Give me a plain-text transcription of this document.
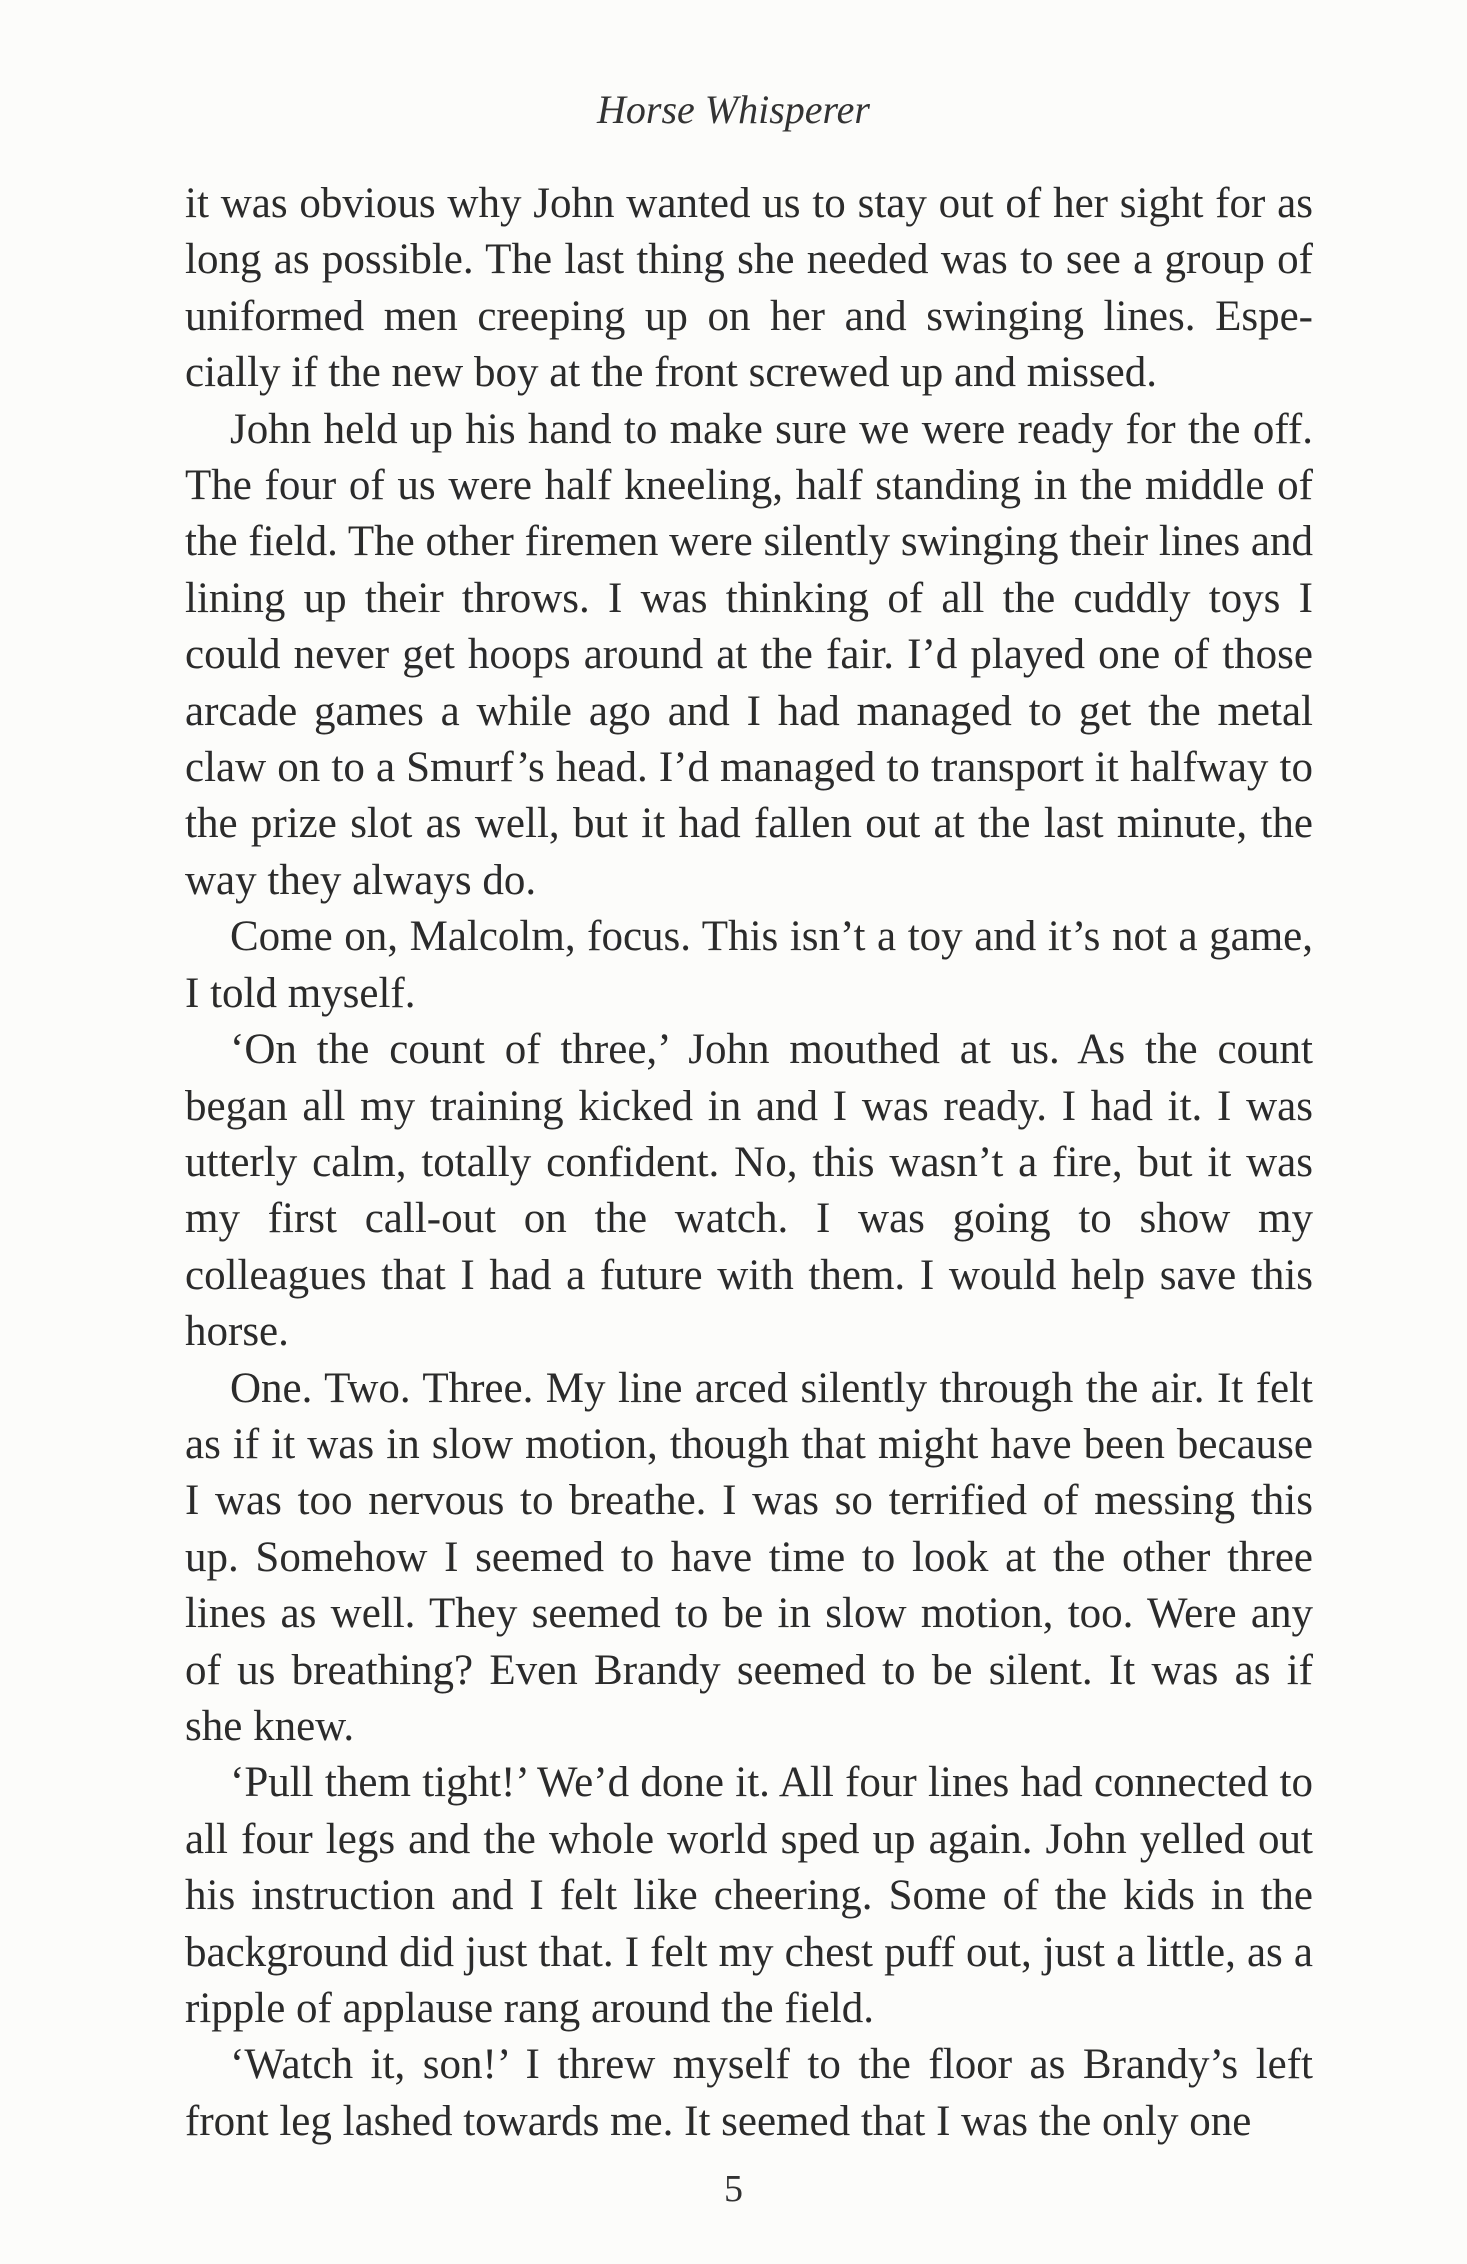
Horse Whisperer

it was obvious why John wanted us to stay out of her sight for as long as possible. The last thing she needed was to see a group of uniformed men creeping up on her and swinging lines. Especially if the new boy at the front screwed up and missed.

John held up his hand to make sure we were ready for the off. The four of us were half kneeling, half standing in the middle of the field. The other firemen were silently swinging their lines and lining up their throws. I was thinking of all the cuddly toys I could never get hoops around at the fair. I’d played one of those arcade games a while ago and I had managed to get the metal claw on to a Smurf’s head. I’d managed to transport it halfway to the prize slot as well, but it had fallen out at the last minute, the way they always do.

Come on, Malcolm, focus. This isn’t a toy and it’s not a game, I told myself.

‘On the count of three,’ John mouthed at us. As the count began all my training kicked in and I was ready. I had it. I was utterly calm, totally confident. No, this wasn’t a fire, but it was my first call-out on the watch. I was going to show my colleagues that I had a future with them. I would help save this horse.

One. Two. Three. My line arced silently through the air. It felt as if it was in slow motion, though that might have been because I was too nervous to breathe. I was so terrified of messing this up. Somehow I seemed to have time to look at the other three lines as well. They seemed to be in slow motion, too. Were any of us breathing? Even Brandy seemed to be silent. It was as if she knew.

‘Pull them tight!’ We’d done it. All four lines had connected to all four legs and the whole world sped up again. John yelled out his instruction and I felt like cheering. Some of the kids in the background did just that. I felt my chest puff out, just a little, as a ripple of applause rang around the field.

‘Watch it, son!’ I threw myself to the floor as Brandy’s left front leg lashed towards me. It seemed that I was the only one

5
